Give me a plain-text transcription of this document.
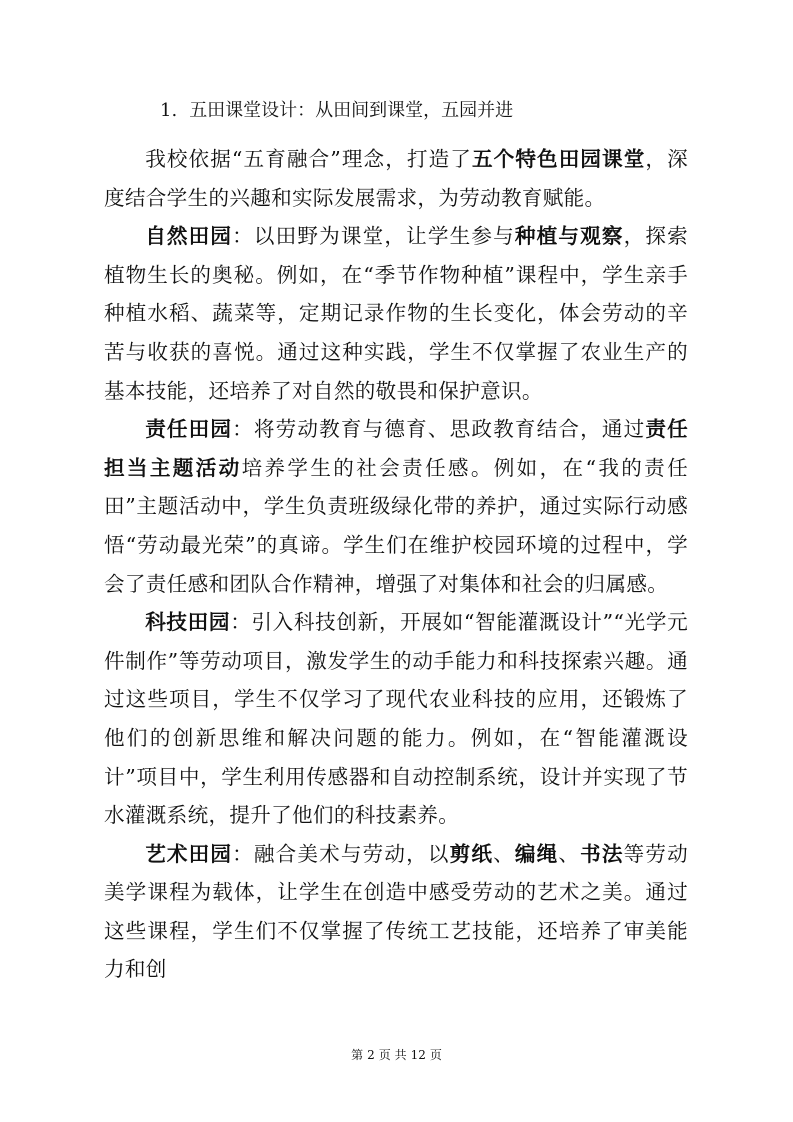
1. 五田课堂设计：从田间到课堂，五园并进

我校依据“五育融合”理念，打造了五个特色田园课堂，深度结合学生的兴趣和实际发展需求，为劳动教育赋能。

自然田园：以田野为课堂，让学生参与种植与观察，探索植物生长的奥秘。例如，在“季节作物种植”课程中，学生亲手种植水稻、蔬菜等，定期记录作物的生长变化，体会劳动的辛苦与收获的喜悦。通过这种实践，学生不仅掌握了农业生产的基本技能，还培养了对自然的敬畏和保护意识。

责任田园：将劳动教育与德育、思政教育结合，通过责任担当主题活动培养学生的社会责任感。例如，在“我的责任田”主题活动中，学生负责班级绿化带的养护，通过实际行动感悟“劳动最光荣”的真谛。学生们在维护校园环境的过程中，学会了责任感和团队合作精神，增强了对集体和社会的归属感。

科技田园：引入科技创新，开展如“智能灌溉设计”“光学元件制作”等劳动项目，激发学生的动手能力和科技探索兴趣。通过这些项目，学生不仅学习了现代农业科技的应用，还锻炼了他们的创新思维和解决问题的能力。例如，在“智能灌溉设计”项目中，学生利用传感器和自动控制系统，设计并实现了节水灌溉系统，提升了他们的科技素养。

艺术田园：融合美术与劳动，以剪纸、编绳、书法等劳动美学课程为载体，让学生在创造中感受劳动的艺术之美。通过这些课程，学生们不仅掌握了传统工艺技能，还培养了审美能力和创

第 2 页 共 12 页
